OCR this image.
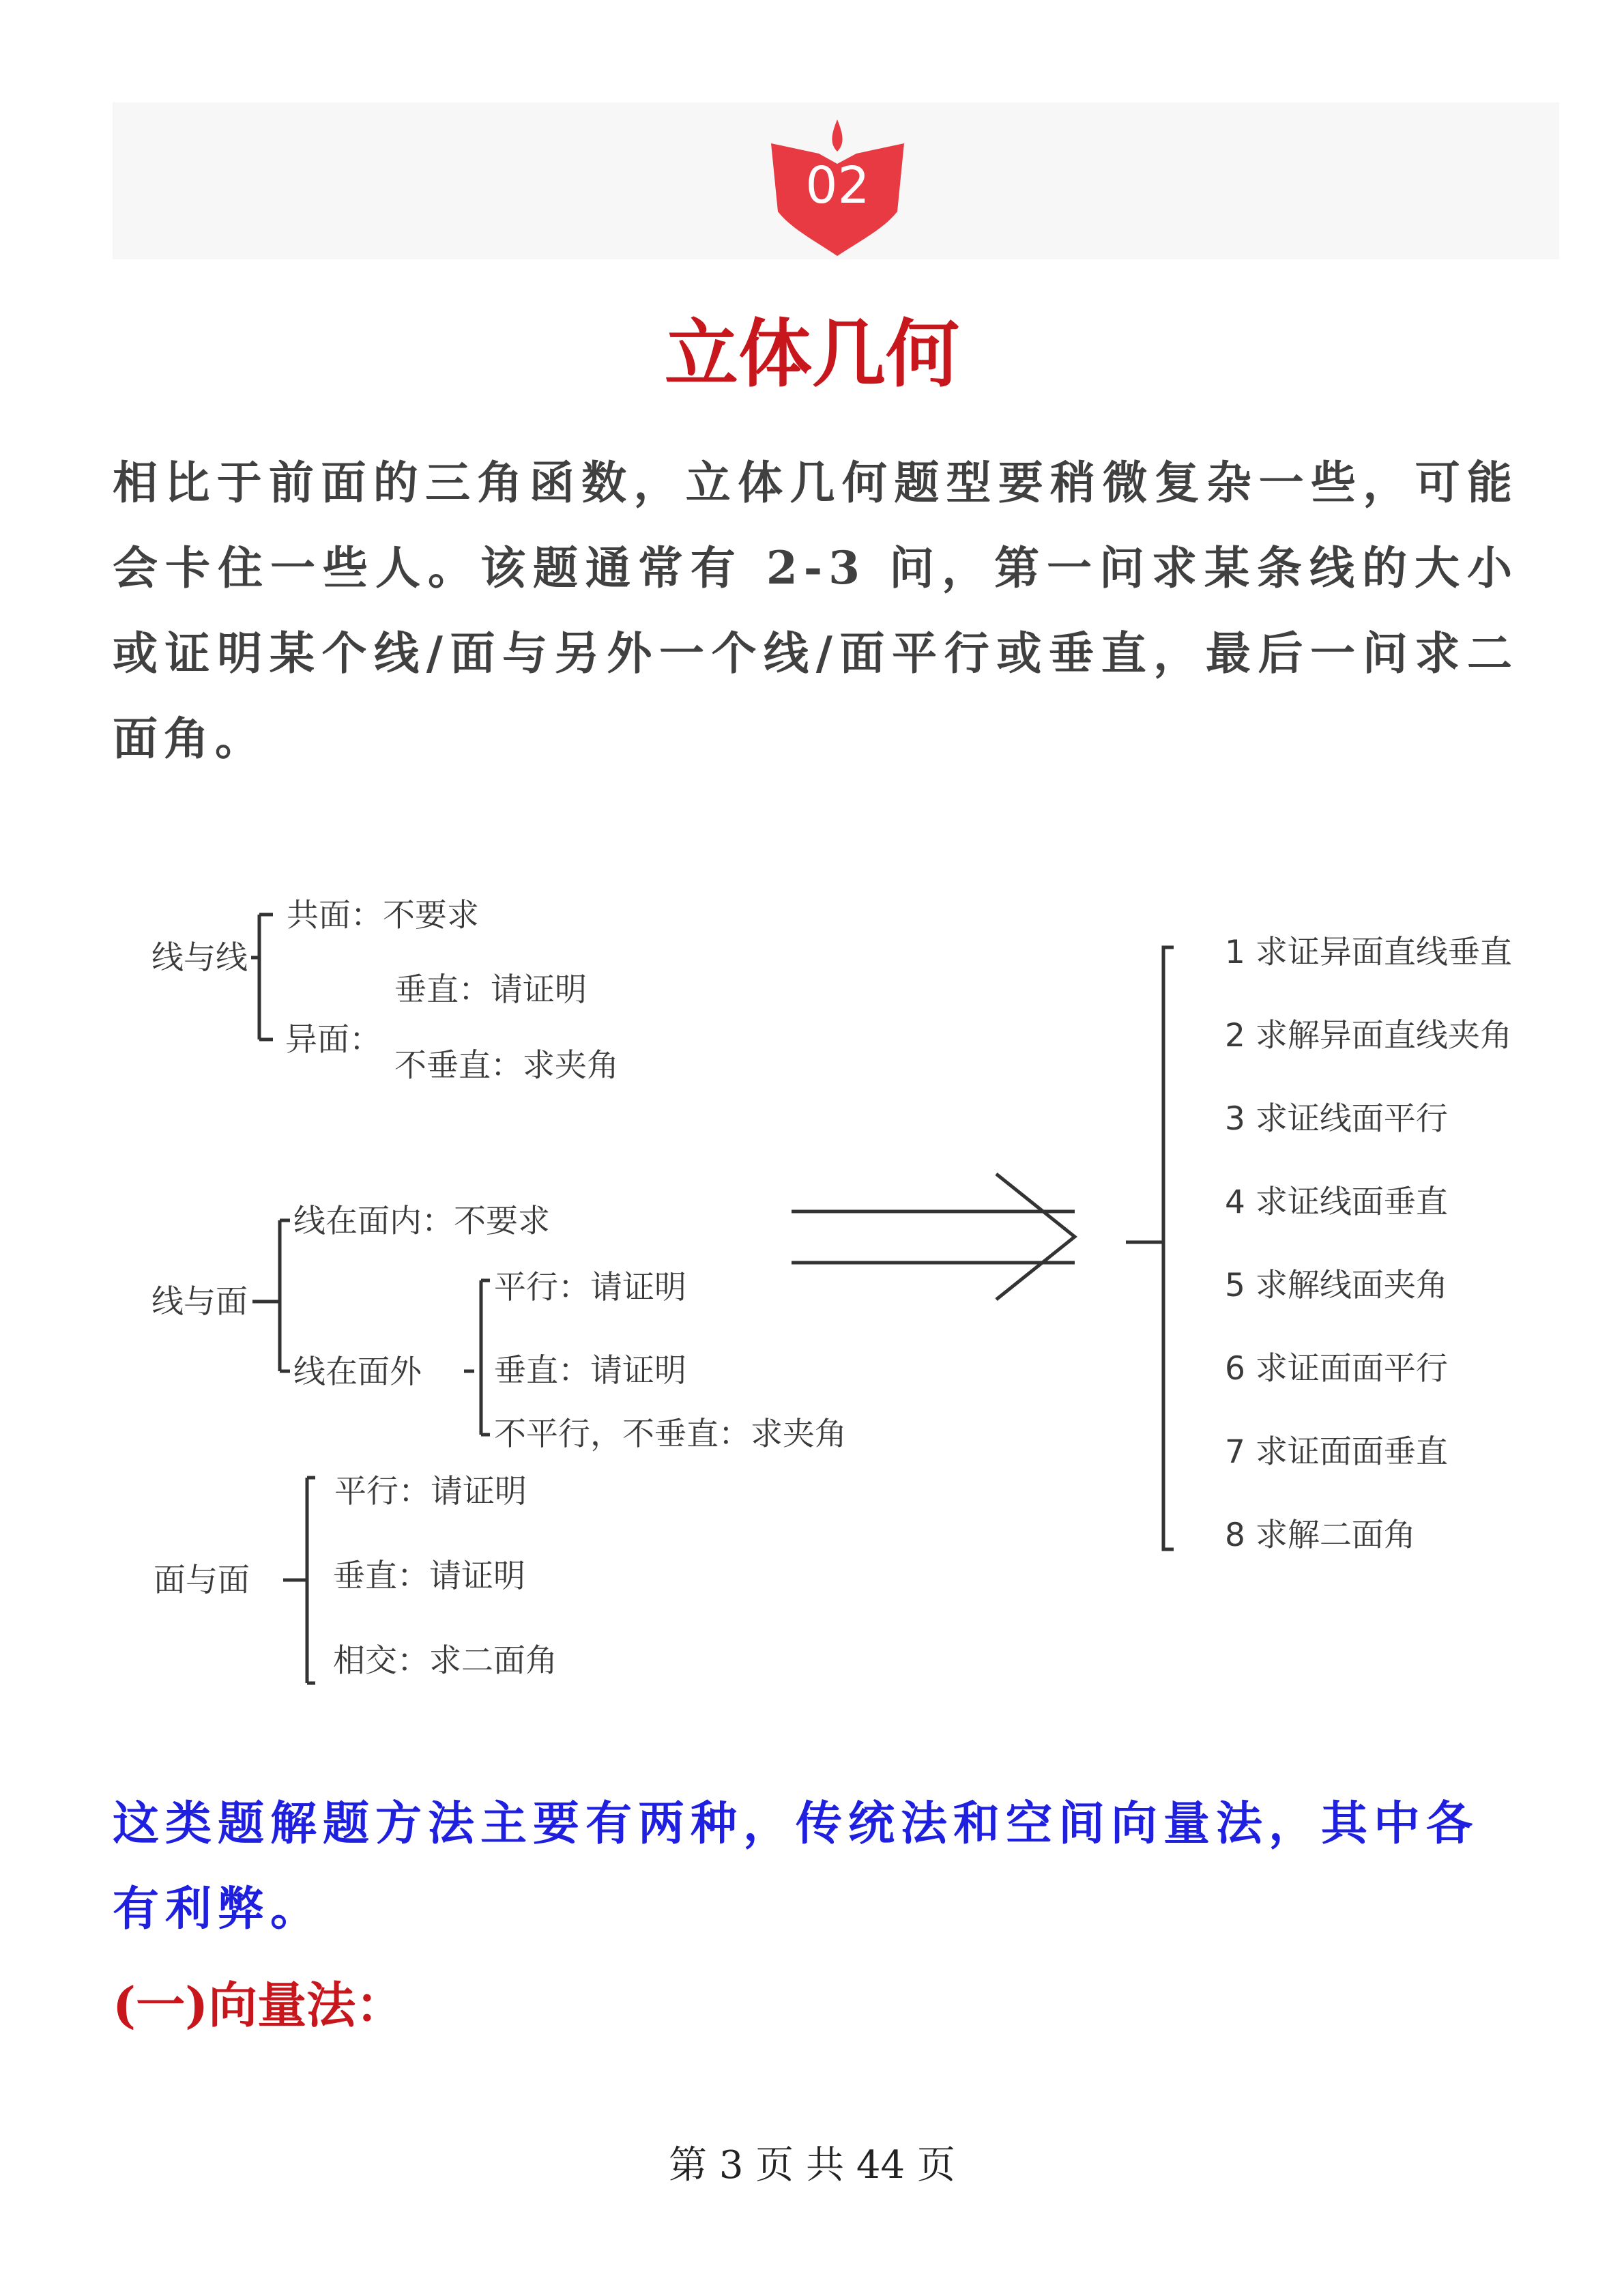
02
立体几何
相比于前面的三角函数，立体几何题型要稍微复杂一些，可能会卡住一些人。该题通常有 2-3 问，第一问求某条线的大小或证明某个线/面与另外一个线/面平行或垂直，最后一问求二面角。
线与线
共面：不要求
异面：
垂直：请证明
不垂直：求夹角
线与面
线在面内：不要求
线在面外
平行：请证明
垂直：请证明
不平行，不垂直：求夹角
面与面
平行：请证明
垂直：请证明
相交：求二面角
1 求证异面直线垂直
2 求解异面直线夹角
3 求证线面平行
4 求证线面垂直
5 求解线面夹角
6 求证面面平行
7 求证面面垂直
8 求解二面角
这类题解题方法主要有两种，传统法和空间向量法，其中各有利弊。
(一)向量法：
第 3 页 共 44 页
